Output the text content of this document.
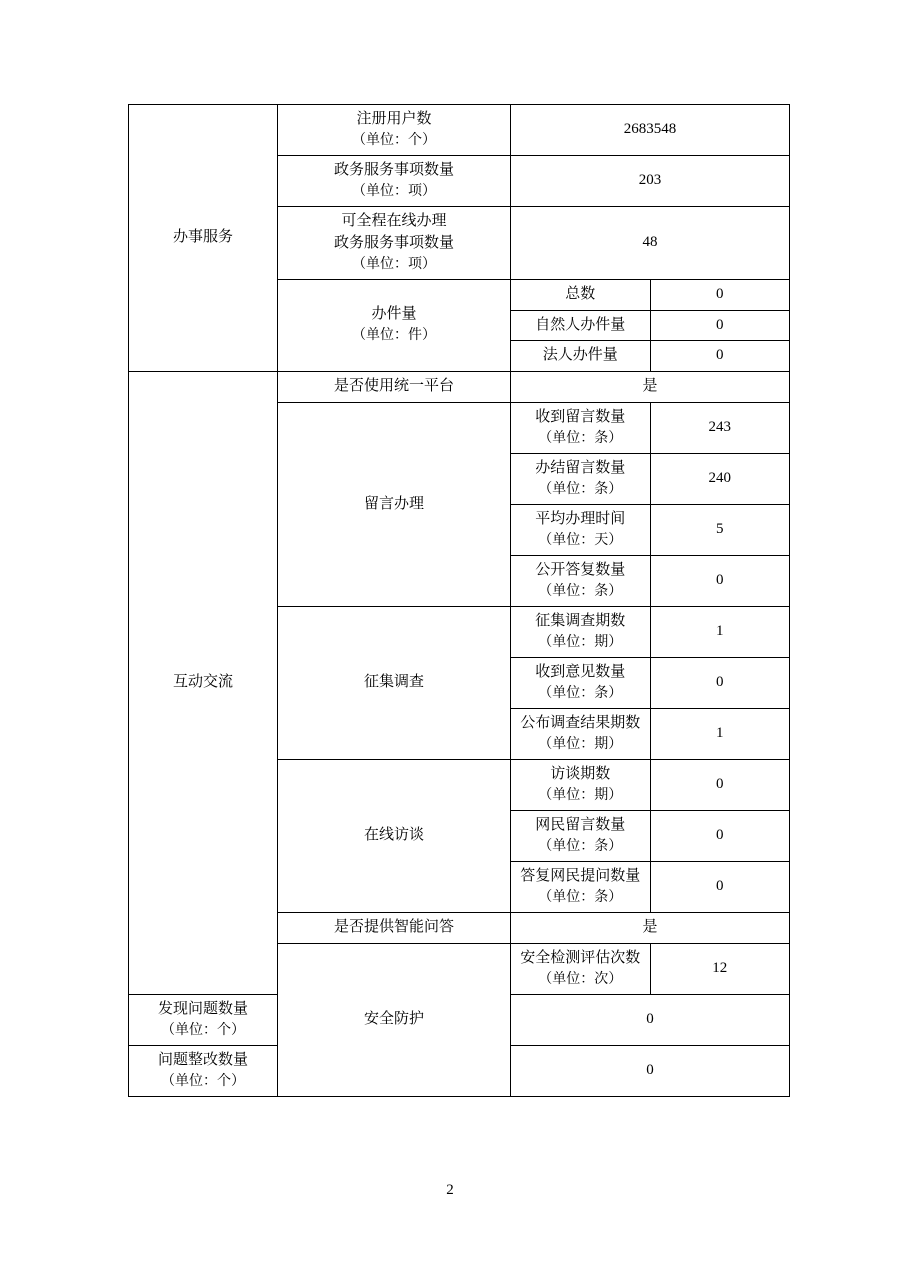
办事服务	注册用户数
（单位：个）	2683548	

	政务服务事项数量
（单位：项）	203	

	可全程在线办理
政务服务事项数量
（单位：项）	48	

	办件量
（单位：件）	总数	0
		自然人办件量	0
		法人办件量	0
互动交流	是否使用统一平台	是	

	留言办理	收到留言数量
（单位：条）	243

		办结留言数量
（单位：条）	240

		平均办理时间
（单位：天）	5

		公开答复数量
（单位：条）	0

	征集调查	征集调查期数
（单位：期）	1

		收到意见数量
（单位：条）	0

		公布调查结果期数
（单位：期）	1

	在线访谈	访谈期数
（单位：期）	0

		网民留言数量
（单位：条）	0

		答复网民提问数量
（单位：条）	0

	是否提供智能问答	是	
	安全防护	安全检测评估次数
（单位：次）	12

发现问题数量
（单位：个）		0	

问题整改数量
（单位：个）		0	
2
